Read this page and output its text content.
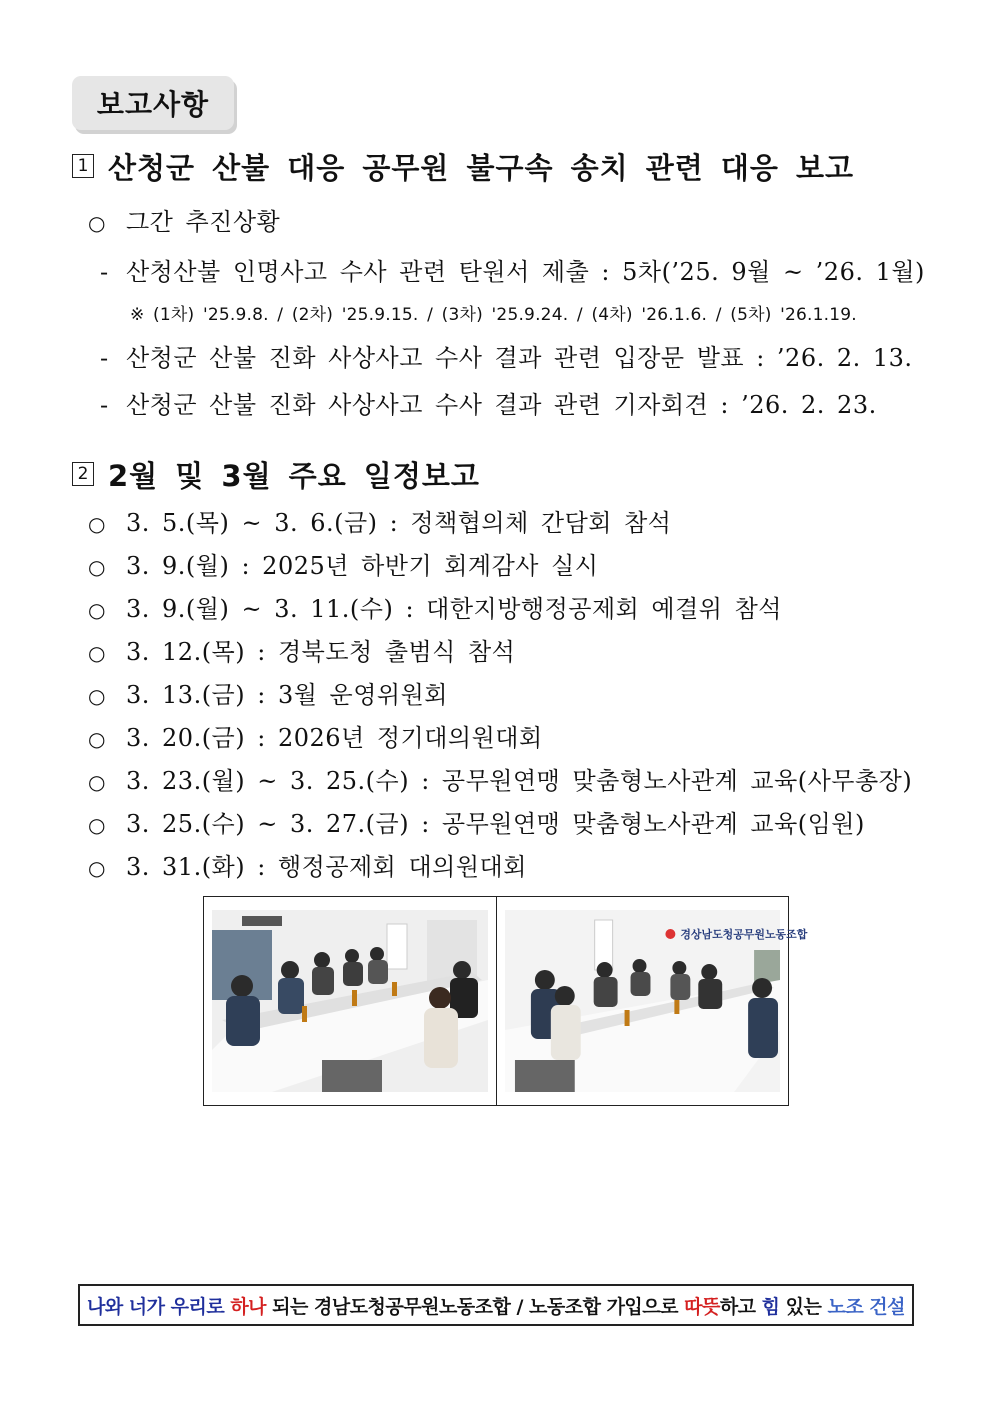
보고사항
1 산청군 산불 대응 공무원 불구속 송치 관련 대응 보고
○ 그간 추진상황
- 산청산불 인명사고 수사 관련 탄원서 제출 : 5차(’25. 9월 ~ ’26. 1월)
※ (1차) '25.9.8. / (2차) '25.9.15. / (3차) '25.9.24. / (4차) '26.1.6. / (5차) '26.1.19.
- 산청군 산불 진화 사상사고 수사 결과 관련 입장문 발표 : ’26. 2. 13.
- 산청군 산불 진화 사상사고 수사 결과 관련 기자회견 : ’26. 2. 23.
2 2월 및 3월 주요 일정보고
○ 3. 5.(목) ~ 3. 6.(금) : 정책협의체 간담회 참석
○ 3. 9.(월) : 2025년 하반기 회계감사 실시
○ 3. 9.(월) ~ 3. 11.(수) : 대한지방행정공제회 예결위 참석
○ 3. 12.(목) : 경북도청 출범식 참석
○ 3. 13.(금) : 3월 운영위원회
○ 3. 20.(금) : 2026년 정기대의원대회
○ 3. 23.(월) ~ 3. 25.(수) : 공무원연맹 맞춤형노사관계 교육(사무총장)
○ 3. 25.(수) ~ 3. 27.(금) : 공무원연맹 맞춤형노사관계 교육(임원)
○ 3. 31.(화) : 행정공제회 대의원대회
경상남도청공무원노동조합
나와 너가 우리로 하나 되는 경남도청공무원노동조합 / 노동조합 가입으로 따뜻하고 힘 있는 노조 건설
